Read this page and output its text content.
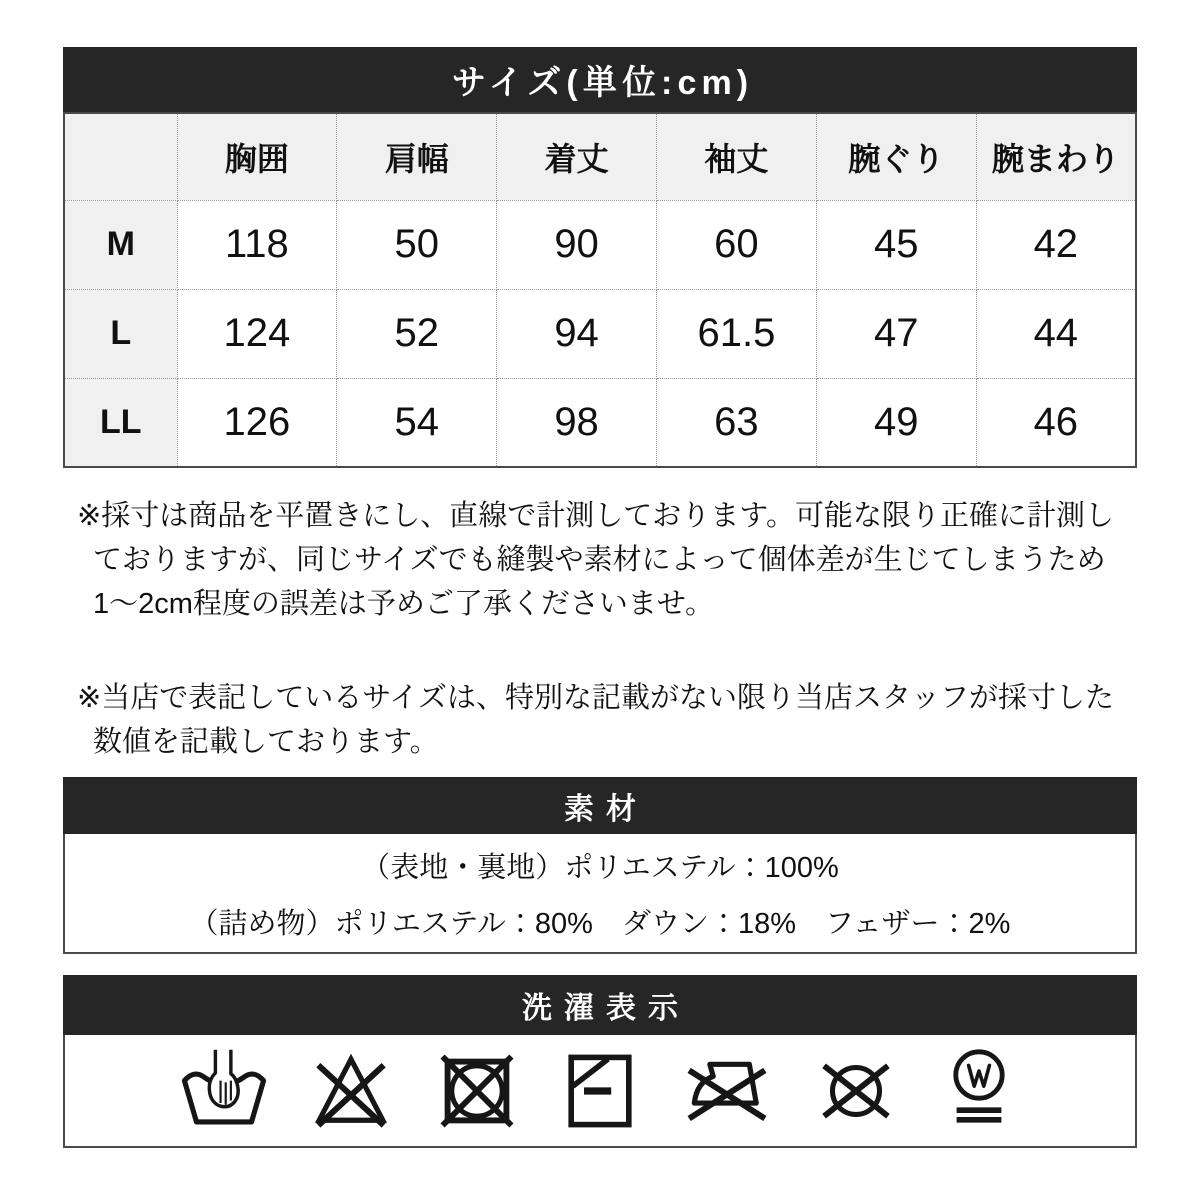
サイズ(単位:cm)
	胸囲	肩幅	着丈	袖丈	腕ぐり	腕まわり
M	118	50	90	60	45	42
L	124	52	94	61.5	47	44
LL	126	54	98	63	49	46
※採寸は商品を平置きにし、直線で計測しております。可能な限り正確に計測し
ておりますが、同じサイズでも縫製や素材によって個体差が生じてしまうため
1〜2cm程度の誤差は予めご了承くださいませ。
※当店で表記しているサイズは、特別な記載がない限り当店スタッフが採寸した
数値を記載しております。
素材
（表地・裏地）ポリエステル：100%
（詰め物）ポリエステル：80%　ダウン：18%　フェザー：2%
洗濯表示
